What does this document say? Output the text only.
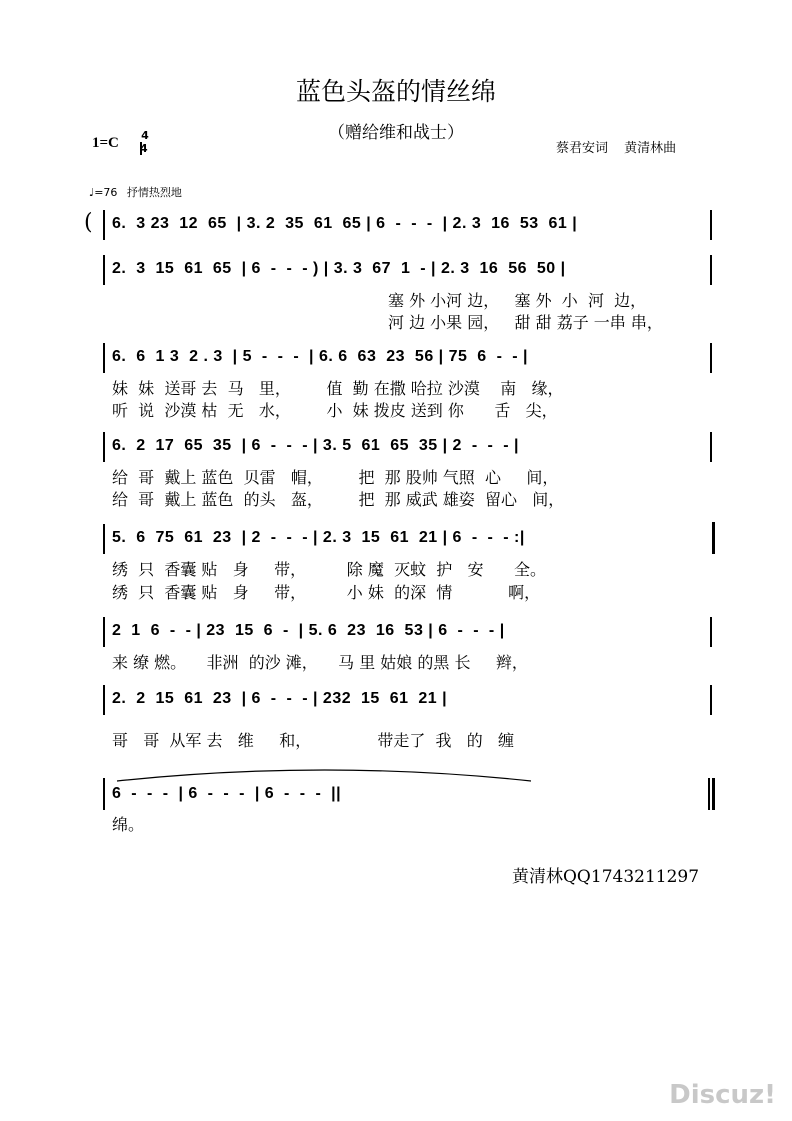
蓝色头盔的情丝绵
（赠给维和战士）
1=C 4
4	蔡君安词 黄清林曲
♩=76 抒情热烈地
( 6.  3 23  12  65  | 3. 2  35  61  65 | 6  -  -  -  | 2. 3  16  53  61 |
2.  3  15  61  65  | 6  -  -  - ) | 3. 3  67  1  - | 2. 3  16  56  50 |
塞 外 小河 边，   塞 外  小  河  边，
河 边 小果 园，   甜 甜 荔子 一串 串，
6.  6  1 3  2 . 3  | 5  -  -  -  | 6. 6  63  23  56 | 75  6  -  - |
妹  妹  送哥 去  马   里，       值  勤 在撒 哈拉 沙漠    南   缘，
听  说  沙漠 枯  无   水，       小  妹 拨皮 送到 你      舌   尖，
6.  2  17  65  35  | 6  -  -  - | 3. 5  61  65  35 | 2  -  -  - |
给  哥  戴上 蓝色  贝雷   帽，       把  那 股帅 气照  心     间，
给  哥  戴上 蓝色  的头   盔，       把  那 威武 雄姿  留心   间，
5.  6  75  61  23  | 2  -  -  - | 2. 3  15  61  21 | 6  -  -  - :|
绣  只  香囊 贴   身     带，        除 魔  灭蚊  护   安      全。
绣  只  香囊 贴   身     带，        小 妹  的深  情           啊，
2  1  6  -  - | 23  15  6  -  | 5. 6  23  16  53 | 6  -  -  - |
来 缭 燃。    非洲  的沙 滩，    马 里 姑娘 的黑 长     辫，
2.  2  15  61  23  | 6  -  -  - | 232  15  61  21 |
哥   哥  从军 去   维     和，             带走了  我   的   缠
6  -  -  -  | 6  -  -  -  | 6  -  -  -  ||
绵。
黄清林QQ1743211297
Discuz!
